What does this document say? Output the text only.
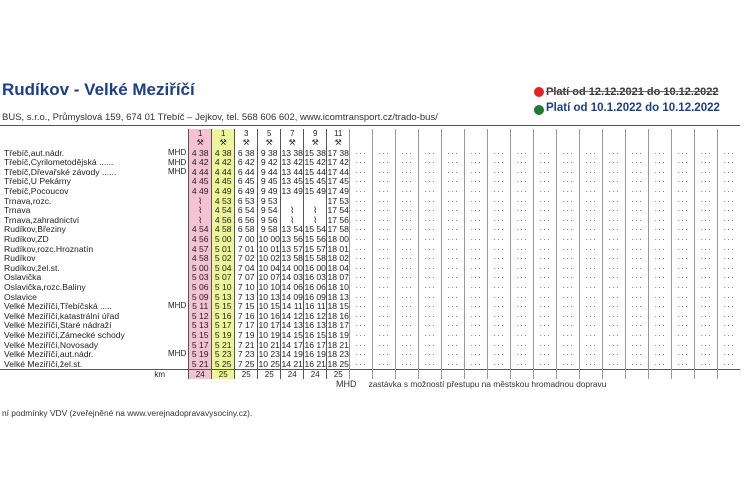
Rudíkov - Velké Meziříčí	Platí od 12.12.2021 do 10.12.2022
Platí od 10.1.2022 do 10.12.2022
BUS, s.r.o., Průmyslová 159, 674 01 Třebíč – Jejkov, tel. 568 606 602, www.icomtransport.cz/trado-bus/
		1	1	3	5	7	9	11																	
		⚒	⚒	⚒	⚒	⚒	⚒	⚒																	
Třebíč,aut.nádr.	MHD	4 38	4 38	6 38	9 38	13 38	15 38	17 38	···	···	···	···	···	···	···	···	···	···	···	···	···	···	···	···	···
Třebíč,Cyrilometodějská ......	MHD	4 42	4 42	6 42	9 42	13 42	15 42	17 42	···	···	···	···	···	···	···	···	···	···	···	···	···	···	···	···	···
Třebíč,Dřevařské závody ......	MHD	4 44	4 44	6 44	9 44	13 44	15 44	17 44	···	···	···	···	···	···	···	···	···	···	···	···	···	···	···	···	···
Třebíč,U Pekárny		4 45	4 45	6 45	9 45	13 45	15 45	17 45	···	···	···	···	···	···	···	···	···	···	···	···	···	···	···	···	···
Třebíč,Pocoucov		4 49	4 49	6 49	9 49	13 49	15 49	17 49	···	···	···	···	···	···	···	···	···	···	···	···	···	···	···	···	···
Trnava,rozc.		⌇	4 53	6 53	9 53			17 53	···	···	···	···	···	···	···	···	···	···	···	···	···	···	···	···	···
Trnava		⌇	4 54	6 54	9 54	⌇	⌇	17 54	···	···	···	···	···	···	···	···	···	···	···	···	···	···	···	···	···
Trnava,zahradnictví		⌇	4 56	6 56	9 56	⌇	⌇	17 56	···	···	···	···	···	···	···	···	···	···	···	···	···	···	···	···	···
Rudíkov,Březiny		4 54	4 58	6 58	9 58	13 54	15 54	17 58	···	···	···	···	···	···	···	···	···	···	···	···	···	···	···	···	···
Rudíkov,ZD		4 56	5 00	7 00	10 00	13 56	15 56	18 00	···	···	···	···	···	···	···	···	···	···	···	···	···	···	···	···	···
Rudíkov,rozc.Hroznatín		4 57	5 01	7 01	10 01	13 57	15 57	18 01	···	···	···	···	···	···	···	···	···	···	···	···	···	···	···	···	···
Rudíkov		4 58	5 02	7 02	10 02	13 58	15 58	18 02	···	···	···	···	···	···	···	···	···	···	···	···	···	···	···	···	···
Rudíkov,žel.st.		5 00	5 04	7 04	10 04	14 00	16 00	18 04	···	···	···	···	···	···	···	···	···	···	···	···	···	···	···	···	···
Oslavička		5 03	5 07	7 07	10 07	14 03	16 03	18 07	···	···	···	···	···	···	···	···	···	···	···	···	···	···	···	···	···
Oslavička,rozc.Baliny		5 06	5 10	7 10	10 10	14 06	16 06	18 10	···	···	···	···	···	···	···	···	···	···	···	···	···	···	···	···	···
Oslavice		5 09	5 13	7 13	10 13	14 09	16 09	18 13	···	···	···	···	···	···	···	···	···	···	···	···	···	···	···	···	···
Velké Meziříčí,Třebíčská .....	MHD	5 11	5 15	7 15	10 15	14 11	16 11	18 15	···	···	···	···	···	···	···	···	···	···	···	···	···	···	···	···	···
Velké Meziříčí,katastrální úřad		5 12	5 16	7 16	10 16	14 12	16 12	18 16	···	···	···	···	···	···	···	···	···	···	···	···	···	···	···	···	···
Velké Meziříčí,Staré nádraží		5 13	5 17	7 17	10 17	14 13	16 13	18 17	···	···	···	···	···	···	···	···	···	···	···	···	···	···	···	···	···
Velké Meziříčí,Zámecké schody		5 15	5 19	7 19	10 19	14 15	16 15	18 19	···	···	···	···	···	···	···	···	···	···	···	···	···	···	···	···	···
Velké Meziříčí,Novosady		5 17	5 21	7 21	10 21	14 17	16 17	18 21	···	···	···	···	···	···	···	···	···	···	···	···	···	···	···	···	···
Velké Meziříčí,aut.nádr.	MHD	5 19	5 23	7 23	10 23	14 19	16 19	18 23	···	···	···	···	···	···	···	···	···	···	···	···	···	···	···	···	···
Velké Meziříčí,žel.st.		5 21	5 25	7 25	10 25	14 21	16 21	18 25	···	···	···	···	···	···	···	···	···	···	···	···	···	···	···	···	···
km		24	25	25	25	24	24	25																	
MHD zastávka s možností přestupu na městskou hromadnou dopravu
ní podmínky VDV (zveřejněné na www.verejnadopravavysociny.cz).
